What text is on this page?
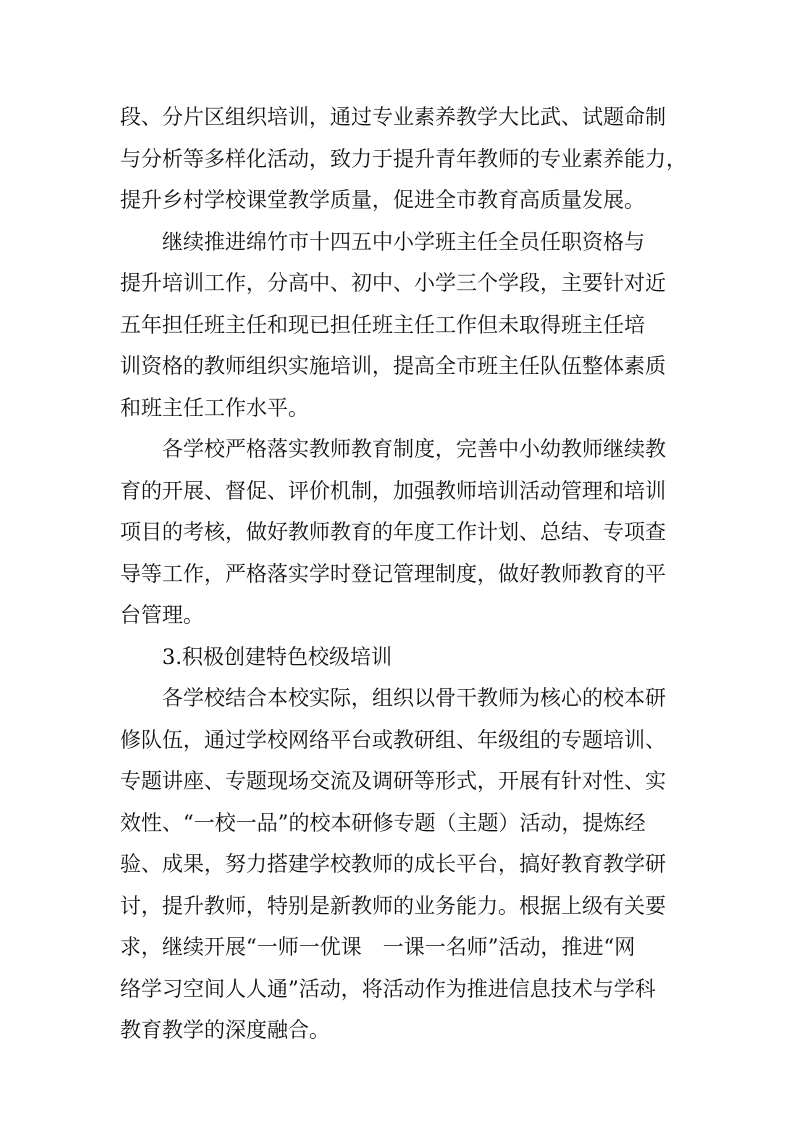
段、分片区组织培训，通过专业素养教学大比武、试题命制
与分析等多样化活动，致力于提升青年教师的专业素养能力，
提升乡村学校课堂教学质量，促进全市教育高质量发展。
继续推进绵竹市十四五中小学班主任全员任职资格与
提升培训工作，分高中、初中、小学三个学段，主要针对近
五年担任班主任和现已担任班主任工作但未取得班主任培
训资格的教师组织实施培训，提高全市班主任队伍整体素质
和班主任工作水平。
各学校严格落实教师教育制度，完善中小幼教师继续教
育的开展、督促、评价机制，加强教师培训活动管理和培训
项目的考核，做好教师教育的年度工作计划、总结、专项查
导等工作，严格落实学时登记管理制度，做好教师教育的平
台管理。
3.积极创建特色校级培训
各学校结合本校实际，组织以骨干教师为核心的校本研
修队伍，通过学校网络平台或教研组、年级组的专题培训、
专题讲座、专题现场交流及调研等形式，开展有针对性、实
效性、“一校一品”的校本研修专题（主题）活动，提炼经
验、成果，努力搭建学校教师的成长平台，搞好教育教学研
讨，提升教师，特别是新教师的业务能力。根据上级有关要
求，继续开展“一师一优课　一课一名师”活动，推进“网
络学习空间人人通”活动，将活动作为推进信息技术与学科
教育教学的深度融合。
